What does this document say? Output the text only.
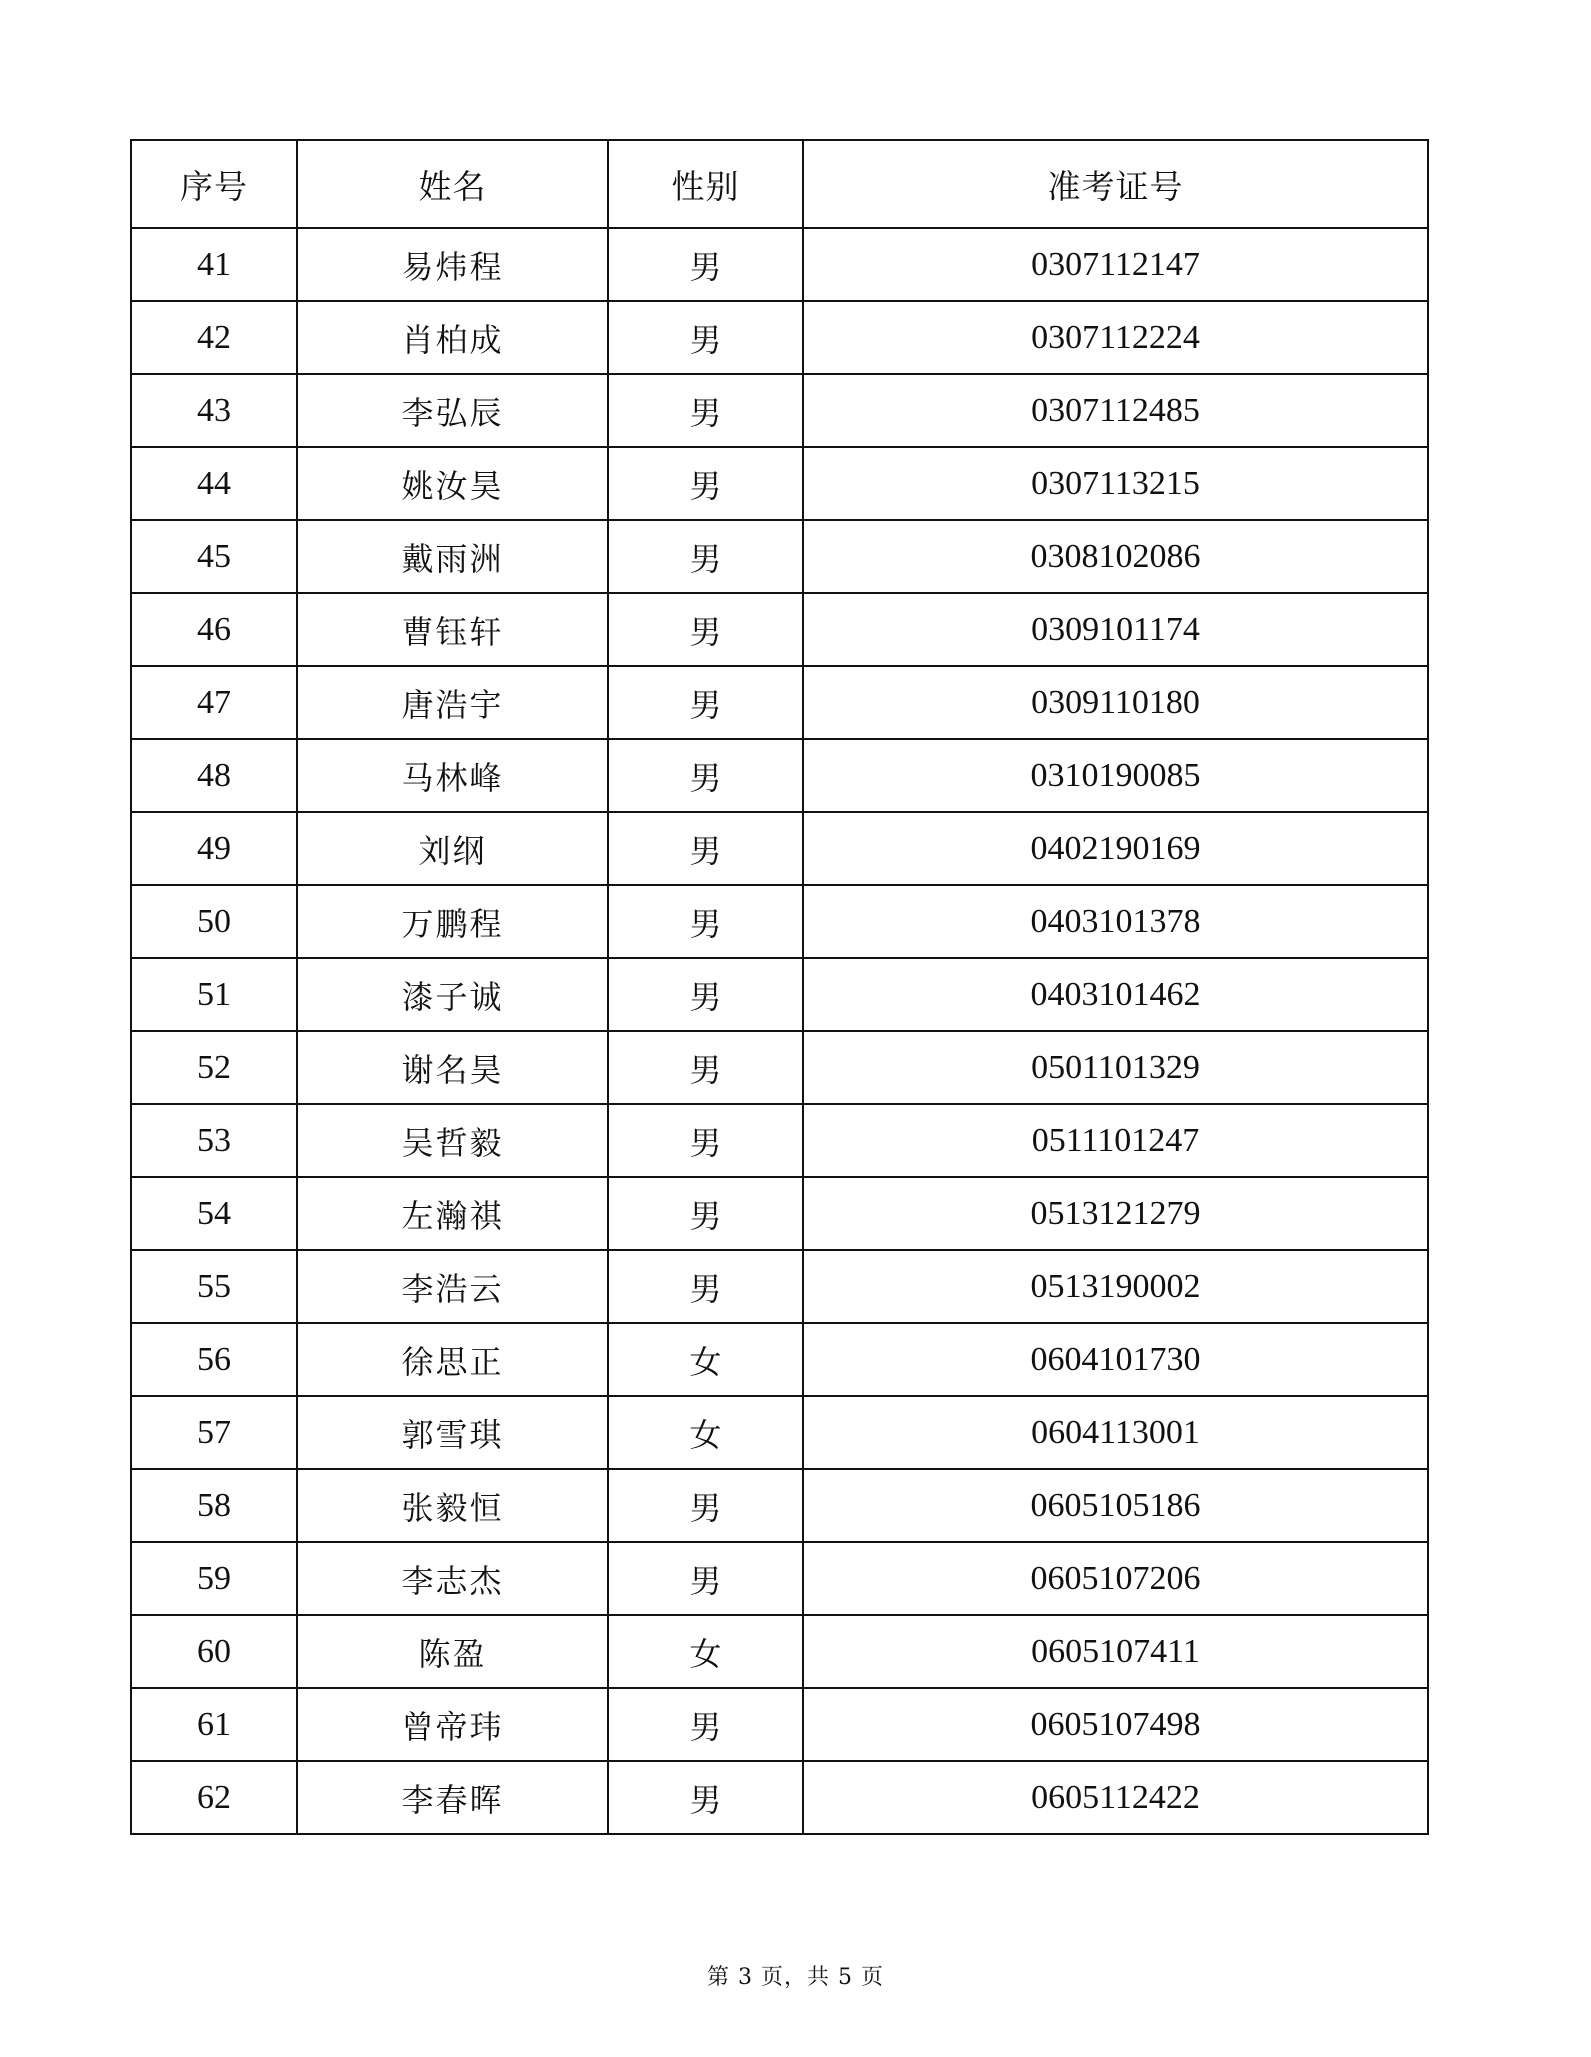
序号	姓名	性别	准考证号
41	易炜程	男	0307112147
42	肖柏成	男	0307112224
43	李弘辰	男	0307112485
44	姚汝昊	男	0307113215
45	戴雨洲	男	0308102086
46	曹钰轩	男	0309101174
47	唐浩宇	男	0309110180
48	马林峰	男	0310190085
49	刘纲	男	0402190169
50	万鹏程	男	0403101378
51	漆子诚	男	0403101462
52	谢名昊	男	0501101329
53	吴哲毅	男	0511101247
54	左瀚祺	男	0513121279
55	李浩云	男	0513190002
56	徐思正	女	0604101730
57	郭雪琪	女	0604113001
58	张毅恒	男	0605105186
59	李志杰	男	0605107206
60	陈盈	女	0605107411
61	曾帝玮	男	0605107498
62	李春晖	男	0605112422
第 3 页，共 5 页
